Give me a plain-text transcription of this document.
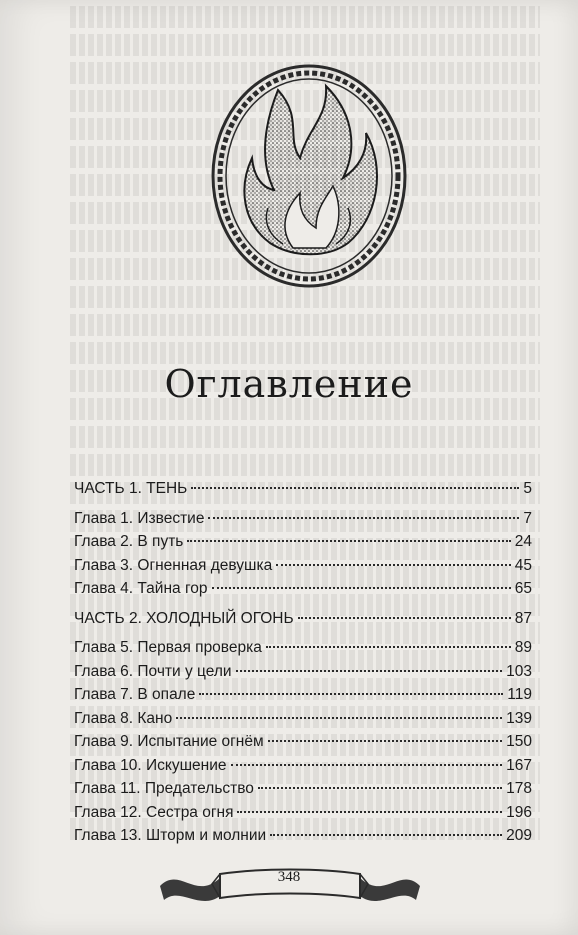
Оглавление
ЧАСТЬ 1. ТЕНЬ	5
Глава 1. Известие	7
Глава 2. В путь	24
Глава 3. Огненная девушка	45
Глава 4. Тайна гор	65
ЧАСТЬ 2. ХОЛОДНЫЙ ОГОНЬ	87
Глава 5. Первая проверка	89
Глава 6. Почти у цели	103
Глава 7. В опале	119
Глава 8. Кано	139
Глава 9. Испытание огнём	150
Глава 10. Искушение	167
Глава 11. Предательство	178
Глава 12. Сестра огня	196
Глава 13. Шторм и молнии	209
348
